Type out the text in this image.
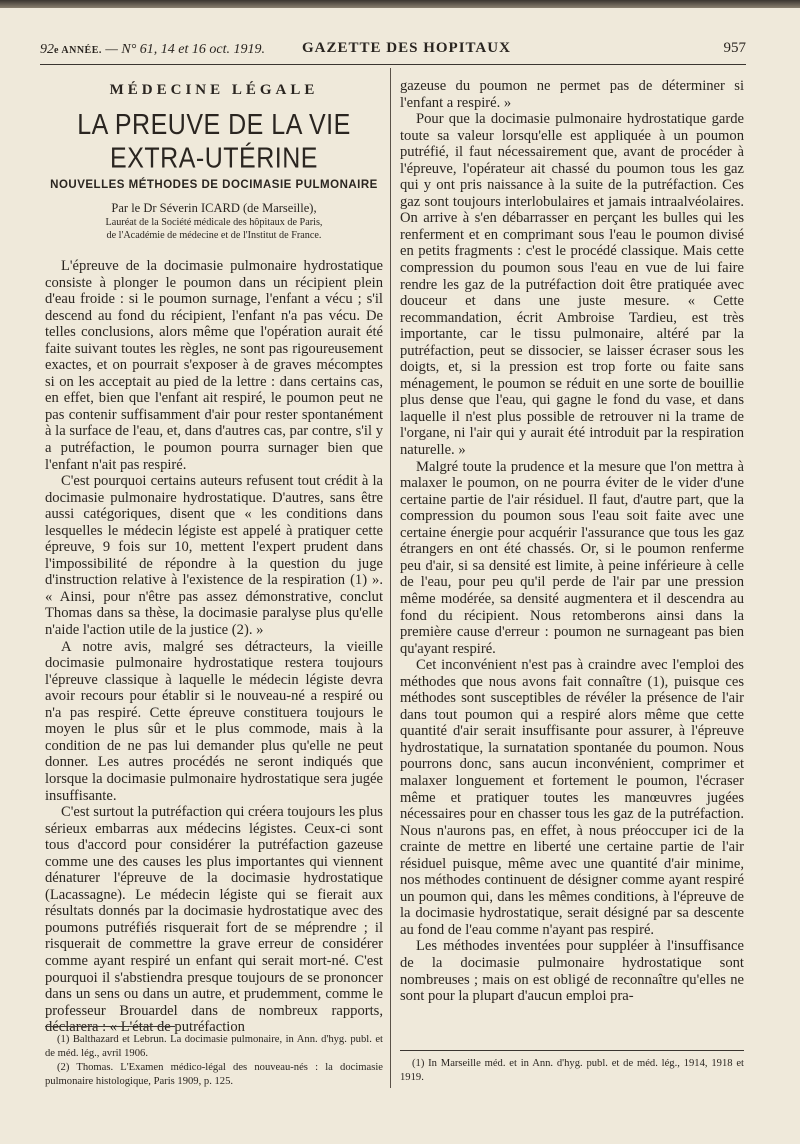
92e ANNÉE. — N° 61, 14 et 16 oct. 1919. GAZETTE DES HOPITAUX	957
MÉDECINE LÉGALE
LA PREUVE DE LA VIE EXTRA-UTÉRINE
NOUVELLES MÉTHODES DE DOCIMASIE PULMONAIRE

Par le Dr Séverin ICARD (de Marseille),

Lauréat de la Société médicale des hôpitaux de Paris,

de l'Académie de médecine et de l'Institut de France.

L'épreuve de la docimasie pulmonaire hydrostatique consiste à plonger le poumon dans un récipient plein d'eau froide : si le poumon surnage, l'enfant a vécu ; s'il descend au fond du récipient, l'enfant n'a pas vécu. De telles conclusions, alors même que l'opération aurait été faite suivant toutes les règles, ne sont pas rigoureusement exactes, et on pourrait s'exposer à de graves mécomptes si on les acceptait au pied de la lettre : dans certains cas, en effet, bien que l'enfant ait respiré, le poumon peut ne pas contenir suffisamment d'air pour rester spontanément à la surface de l'eau, et, dans d'autres cas, par contre, s'il y a putréfaction, le poumon pourra surnager bien que l'enfant n'ait pas respiré.

C'est pourquoi certains auteurs refusent tout crédit à la docimasie pulmonaire hydrostatique. D'autres, sans être aussi catégoriques, disent que « les conditions dans lesquelles le médecin légiste est appelé à pratiquer cette épreuve, 9 fois sur 10, mettent l'expert prudent dans l'impossibilité de répondre à la question du juge d'instruction relative à l'existence de la respiration (1) ». « Ainsi, pour n'être pas assez démonstrative, conclut Thomas dans sa thèse, la docimasie paralyse plus qu'elle n'aide l'action utile de la justice (2). »

A notre avis, malgré ses détracteurs, la vieille docimasie pulmonaire hydrostatique restera toujours l'épreuve classique à laquelle le médecin légiste devra avoir recours pour établir si le nouveau-né a respiré ou n'a pas respiré. Cette épreuve constituera toujours le moyen le plus sûr et le plus commode, mais à la condition de ne pas lui demander plus qu'elle ne peut donner. Les autres procédés ne seront indiqués que lorsque la docimasie pulmonaire hydrostatique sera jugée insuffisante.

C'est surtout la putréfaction qui créera toujours les plus sérieux embarras aux médecins légistes. Ceux-ci sont tous d'accord pour considérer la putréfaction gazeuse comme une des causes les plus importantes qui viennent dénaturer l'épreuve de la docimasie hydrostatique (Lacassagne). Le médecin légiste qui se fierait aux résultats donnés par la docimasie hydrostatique avec des poumons putréfiés risquerait fort de se méprendre ; il risquerait de commettre la grave erreur de considérer comme ayant respiré un enfant qui serait mort-né. C'est pourquoi il s'abstiendra presque toujours de se prononcer dans un sens ou dans un autre, et prudemment, comme le professeur Brouardel dans de nombreux rapports, déclarera : « L'état de putréfaction

(1) Balthazard et Lebrun. La docimasie pulmonaire, in Ann. d'hyg. publ. et de méd. lég., avril 1906.

(2) Thomas. L'Examen médico-légal des nouveau-nés : la docimasie pulmonaire histologique, Paris 1909, p. 125.

gazeuse du poumon ne permet pas de déterminer si l'enfant a respiré. »

Pour que la docimasie pulmonaire hydrostatique garde toute sa valeur lorsqu'elle est appliquée à un poumon putréfié, il faut nécessairement que, avant de procéder à l'épreuve, l'opérateur ait chassé du poumon tous les gaz qui y ont pris naissance à la suite de la putréfaction. Ces gaz sont toujours interlobulaires et jamais intraalvéolaires. On arrive à s'en débarrasser en perçant les bulles qui les renferment et en comprimant sous l'eau le poumon divisé en petits fragments : c'est le procédé classique. Mais cette compression du poumon sous l'eau en vue de lui faire rendre les gaz de la putréfaction doit être pratiquée avec douceur et dans une juste mesure. « Cette recommandation, écrit Ambroise Tardieu, est très importante, car le tissu pulmonaire, altéré par la putréfaction, peut se dissocier, se laisser écraser sous les doigts, et, si la pression est trop forte ou faite sans ménagement, le poumon se réduit en une sorte de bouillie plus dense que l'eau, qui gagne le fond du vase, et dans laquelle il n'est plus possible de retrouver ni la trame de l'organe, ni l'air qui y aurait été introduit par la respiration naturelle. »

Malgré toute la prudence et la mesure que l'on mettra à malaxer le poumon, on ne pourra éviter de le vider d'une certaine partie de l'air résiduel. Il faut, d'autre part, que la compression du poumon sous l'eau soit faite avec une certaine énergie pour acquérir l'assurance que tous les gaz étrangers en ont été chassés. Or, si le poumon renferme peu d'air, si sa densité est limite, à peine inférieure à celle de l'eau, pour peu qu'il perde de l'air par une pression même modérée, sa densité augmentera et il descendra au fond du récipient. Nous retomberons ainsi dans la première cause d'erreur : poumon ne surnageant pas bien qu'ayant respiré.

Cet inconvénient n'est pas à craindre avec l'emploi des méthodes que nous avons fait connaître (1), puisque ces méthodes sont susceptibles de révéler la présence de l'air dans tout poumon qui a respiré alors même que cette quantité d'air serait insuffisante pour assurer, à l'épreuve hydrostatique, la surnatation spontanée du poumon. Nous pourrons donc, sans aucun inconvénient, comprimer et malaxer longuement et fortement le poumon, l'écraser même et pratiquer toutes les manœuvres jugées nécessaires pour en chasser tous les gaz de la putréfaction. Nous n'aurons pas, en effet, à nous préoccuper ici de la crainte de mettre en liberté une certaine partie de l'air résiduel puisque, même avec une quantité d'air minime, nos méthodes continuent de désigner comme ayant respiré un poumon qui, dans les mêmes conditions, à l'épreuve de la docimasie hydrostatique, serait désigné par sa descente au fond de l'eau comme n'ayant pas respiré.

Les méthodes inventées pour suppléer à l'insuffisance de la docimasie pulmonaire hydrostatique sont nombreuses ; mais on est obligé de reconnaître qu'elles ne sont pour la plupart d'aucun emploi pra-

(1) In Marseille méd. et in Ann. d'hyg. publ. et de méd. lég., 1914, 1918 et 1919.
